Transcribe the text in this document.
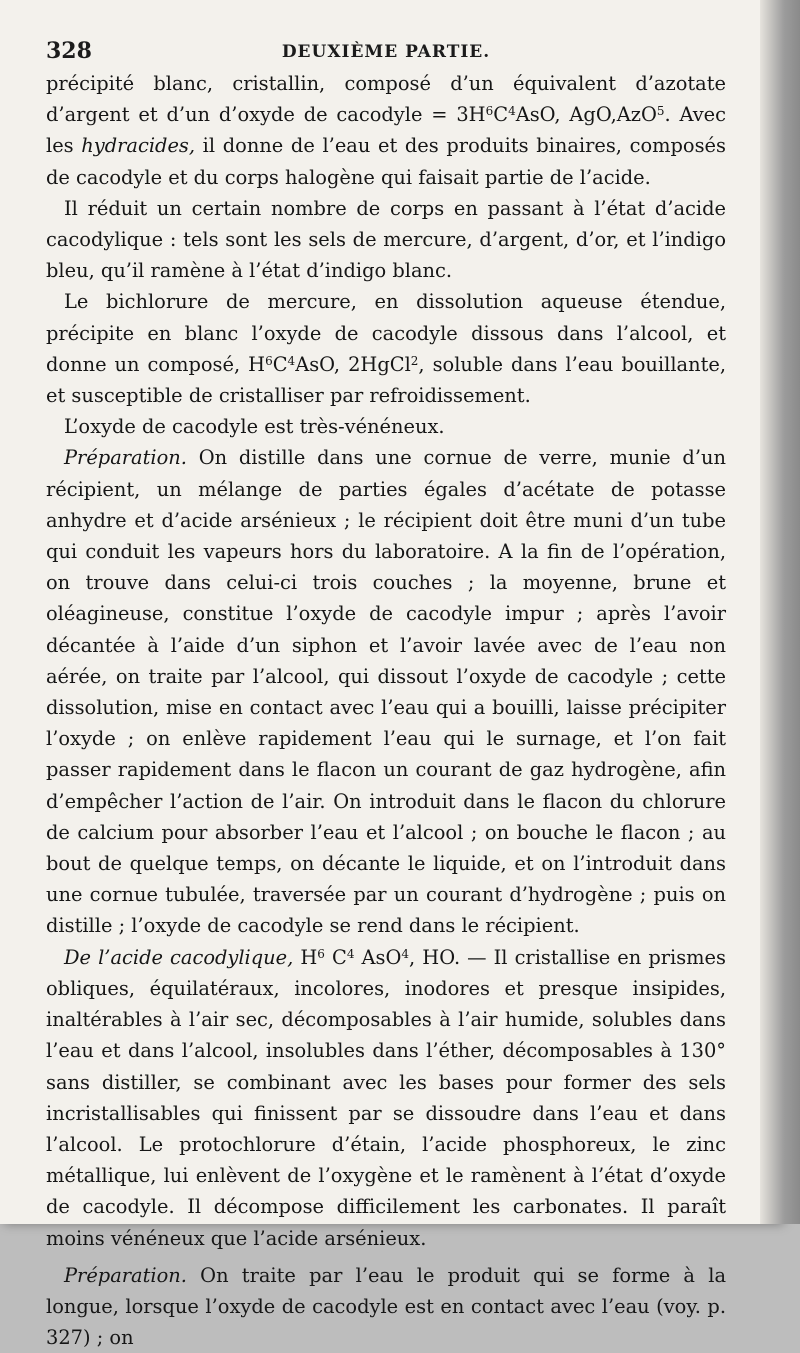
328	DEUXIÈME PARTIE.

précipité blanc, cristallin, composé d’un équivalent d’azotate d’argent et d’un d’oxyde de cacodyle = $3H^6C^4AsO$, AgO,AzO$^5$. Avec les hydracides, il donne de l’eau et des produits binaires, composés de cacodyle et du corps halogène qui faisait partie de l’acide.

Il réduit un certain nombre de corps en passant à l’état d’acide cacodylique : tels sont les sels de mercure, d’argent, d’or, et l’indigo bleu, qu’il ramène à l’état d’indigo blanc.

Le bichlorure de mercure, en dissolution aqueuse étendue, précipite en blanc l’oxyde de cacodyle dissous dans l’alcool, et donne un composé, $H^6C^4AsO$, 2HgCl$^2$, soluble dans l’eau bouillante, et susceptible de cristalliser par refroidissement.

L’oxyde de cacodyle est très-vénéneux.

Préparation. On distille dans une cornue de verre, munie d’un récipient, un mélange de parties égales d’acétate de potasse anhydre et d’acide arsénieux ; le récipient doit être muni d’un tube qui conduit les vapeurs hors du laboratoire. A la fin de l’opération, on trouve dans celui-ci trois couches ; la moyenne, brune et oléagineuse, constitue l’oxyde de cacodyle impur ; après l’avoir décantée à l’aide d’un siphon et l’avoir lavée avec de l’eau non aérée, on traite par l’alcool, qui dissout l’oxyde de cacodyle ; cette dissolution, mise en contact avec l’eau qui a bouilli, laisse précipiter l’oxyde ; on enlève rapidement l’eau qui le surnage, et l’on fait passer rapidement dans le flacon un courant de gaz hydrogène, afin d’empêcher l’action de l’air. On introduit dans le flacon du chlorure de calcium pour absorber l’eau et l’alcool ; on bouche le flacon ; au bout de quelque temps, on décante le liquide, et on l’introduit dans une cornue tubulée, traversée par un courant d’hydrogène ; puis on distille ; l’oxyde de cacodyle se rend dans le récipient.

De l’acide cacodylique, $H^6$ $C^4$ AsO$^4$, HO. — Il cristallise en prismes obliques, équilatéraux, incolores, inodores et presque insipides, inaltérables à l’air sec, décomposables à l’air humide, solubles dans l’eau et dans l’alcool, insolubles dans l’éther, décomposables à 130° sans distiller, se combinant avec les bases pour former des sels incristallisables qui finissent par se dissoudre dans l’eau et dans l’alcool. Le protochlorure d’étain, l’acide phosphoreux, le zinc métallique, lui enlèvent de l’oxygène et le ramènent à l’état d’oxyde de cacodyle. Il décompose difficilement les carbonates. Il paraît moins vénéneux que l’acide arsénieux.

Préparation. On traite par l’eau le produit qui se forme à la longue, lorsque l’oxyde de cacodyle est en contact avec l’eau (voy. p. 327) ; on
